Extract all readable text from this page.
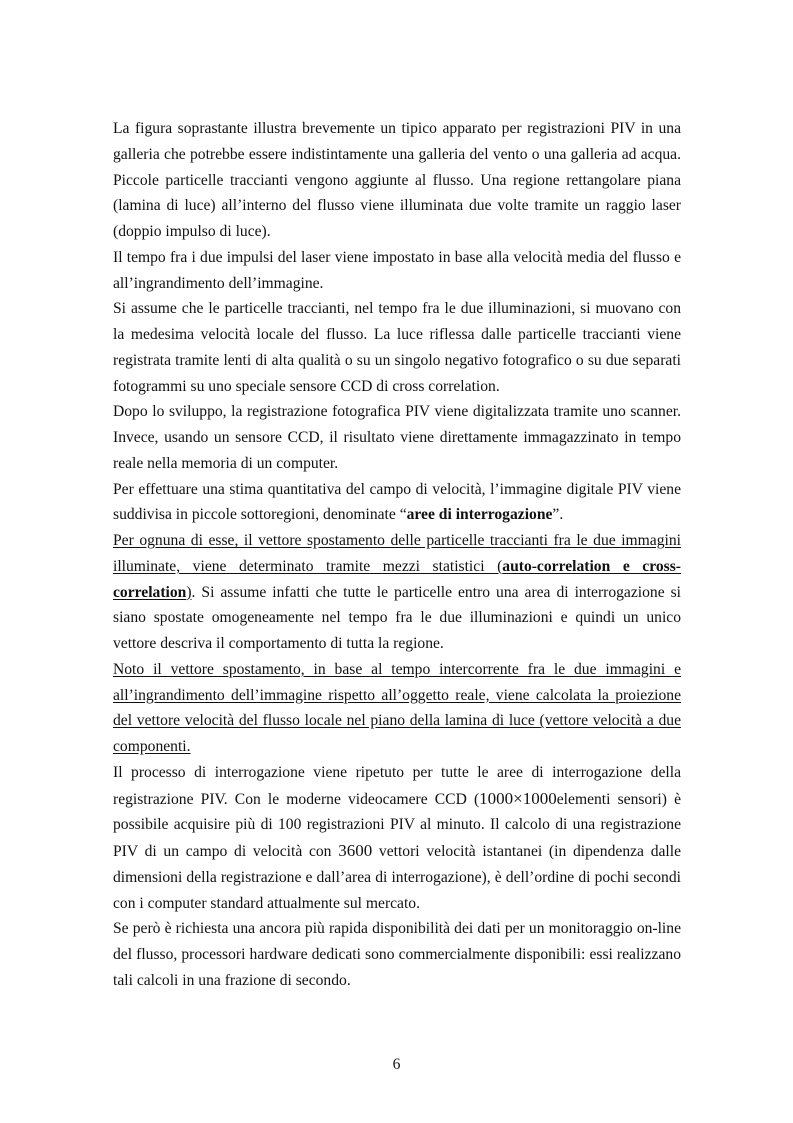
La figura soprastante illustra brevemente un tipico apparato per registrazioni PIV in una galleria che potrebbe essere indistintamente una galleria del vento o una galleria ad acqua. Piccole particelle traccianti vengono aggiunte al flusso. Una regione rettangolare piana (lamina di luce) all’interno del flusso viene illuminata due volte tramite un raggio laser (doppio impulso di luce).

Il tempo fra i due impulsi del laser viene impostato in base alla velocità media del flusso e all’ingrandimento dell’immagine.

Si assume che le particelle traccianti, nel tempo fra le due illuminazioni, si muovano con la medesima velocità locale del flusso. La luce riflessa dalle particelle traccianti viene registrata tramite lenti di alta qualità o su un singolo negativo fotografico o su due separati fotogrammi su uno speciale sensore CCD di cross correlation.

Dopo lo sviluppo, la registrazione fotografica PIV viene digitalizzata tramite uno scanner. Invece, usando un sensore CCD, il risultato viene direttamente immagazzinato in tempo reale nella memoria di un computer.

Per effettuare una stima quantitativa del campo di velocità, l’immagine digitale PIV viene suddivisa in piccole sottoregioni, denominate “aree di interrogazione”.

Per ognuna di esse, il vettore spostamento delle particelle traccianti fra le due immagini illuminate, viene determinato tramite mezzi statistici (auto-correlation e cross-correlation). Si assume infatti che tutte le particelle entro una area di interrogazione si siano spostate omogeneamente nel tempo fra le due illuminazioni e quindi un unico vettore descriva il comportamento di tutta la regione.

Noto il vettore spostamento, in base al tempo intercorrente fra le due immagini e all’ingrandimento dell’immagine rispetto all’oggetto reale, viene calcolata la proiezione del vettore velocità del flusso locale nel piano della lamina di luce (vettore velocità a due componenti.

Il processo di interrogazione viene ripetuto per tutte le aree di interrogazione della registrazione PIV. Con le moderne videocamere CCD (1000×1000elementi sensori) è possibile acquisire più di 100 registrazioni PIV al minuto. Il calcolo di una registrazione PIV di un campo di velocità con 3600 vettori velocità istantanei (in dipendenza dalle dimensioni della registrazione e dall’area di interrogazione), è dell’ordine di pochi secondi con i computer standard attualmente sul mercato.

Se però è richiesta una ancora più rapida disponibilità dei dati per un monitoraggio on-line del flusso, processori hardware dedicati sono commercialmente disponibili: essi realizzano tali calcoli in una frazione di secondo.

6
